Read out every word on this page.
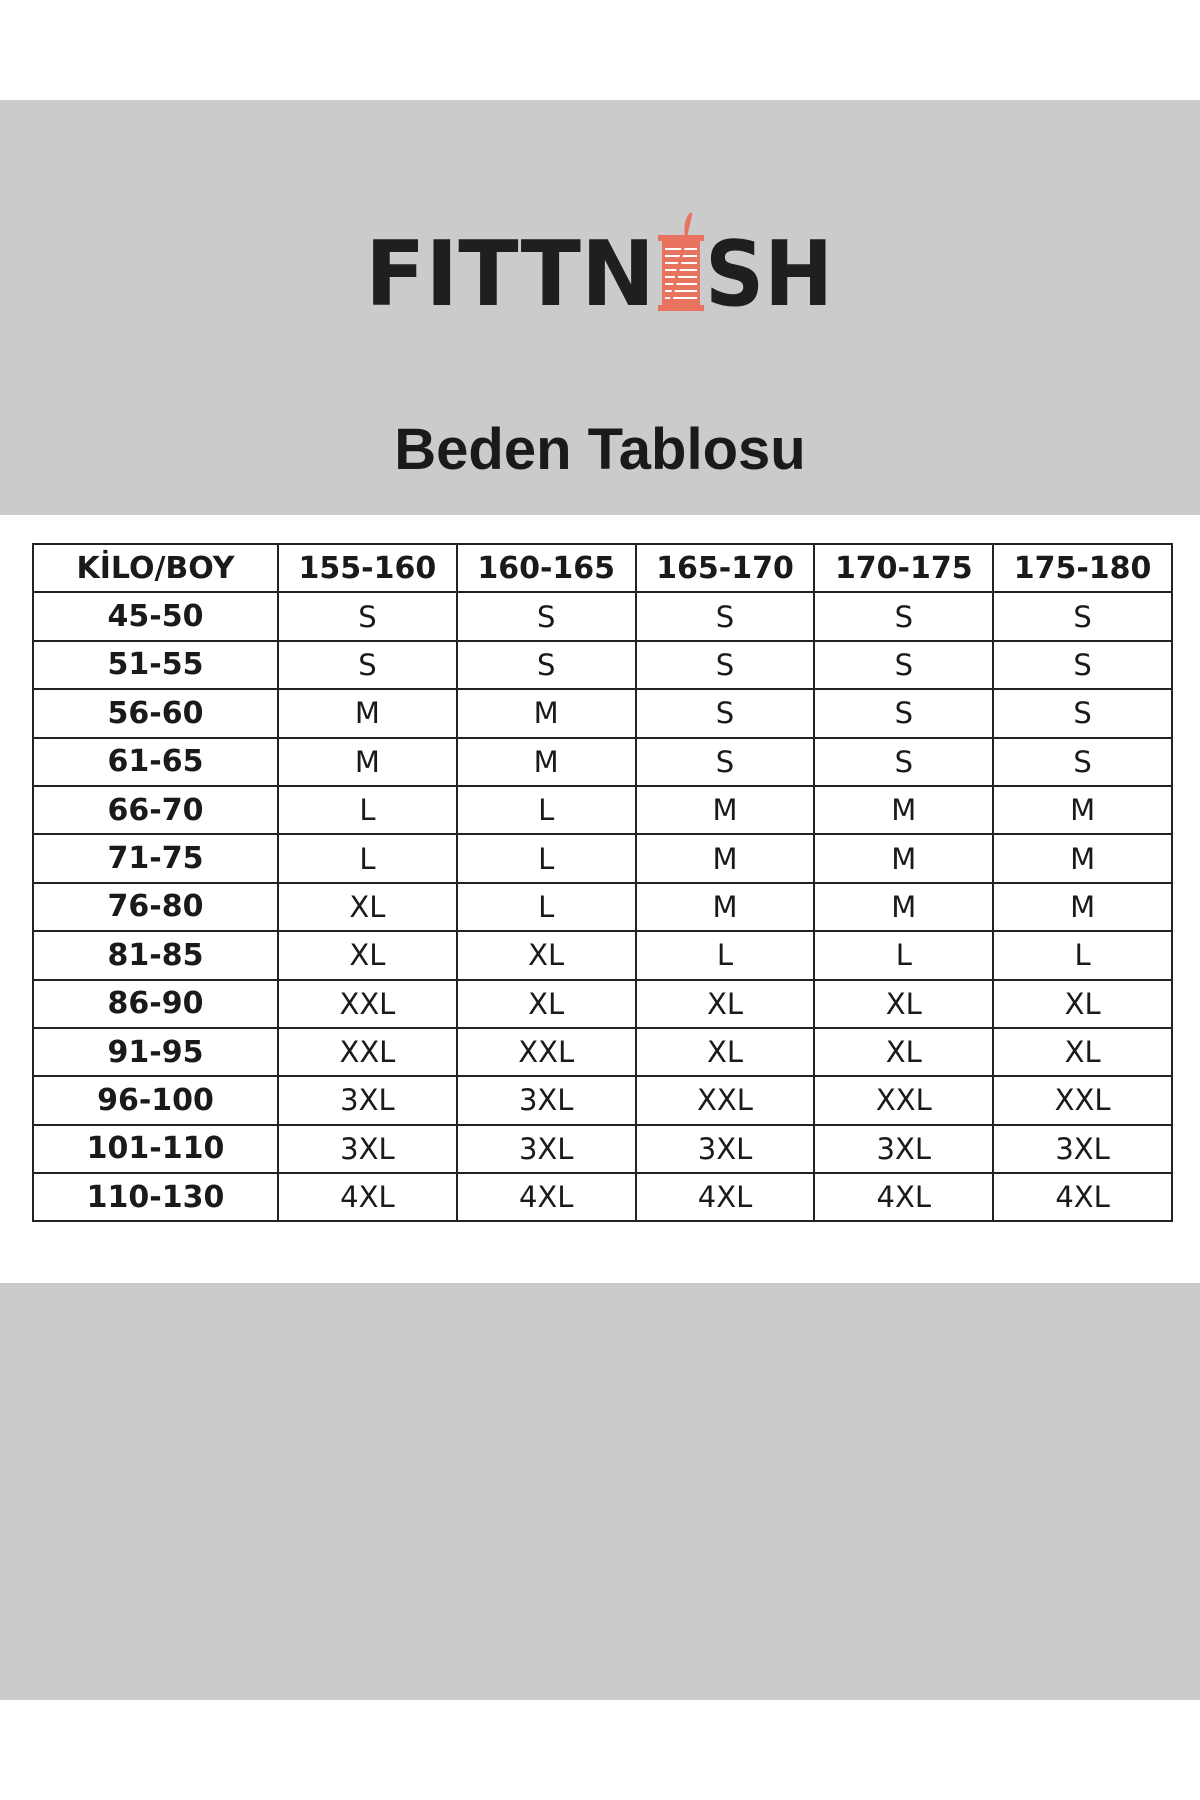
FITTN SH
Beden Tablosu
KİLO/BOY	155-160	160-165	165-170	170-175	175-180
45-50	S	S	S	S	S
51-55	S	S	S	S	S
56-60	M	M	S	S	S
61-65	M	M	S	S	S
66-70	L	L	M	M	M
71-75	L	L	M	M	M
76-80	XL	L	M	M	M
81-85	XL	XL	L	L	L
86-90	XXL	XL	XL	XL	XL
91-95	XXL	XXL	XL	XL	XL
96-100	3XL	3XL	XXL	XXL	XXL
101-110	3XL	3XL	3XL	3XL	3XL
110-130	4XL	4XL	4XL	4XL	4XL
